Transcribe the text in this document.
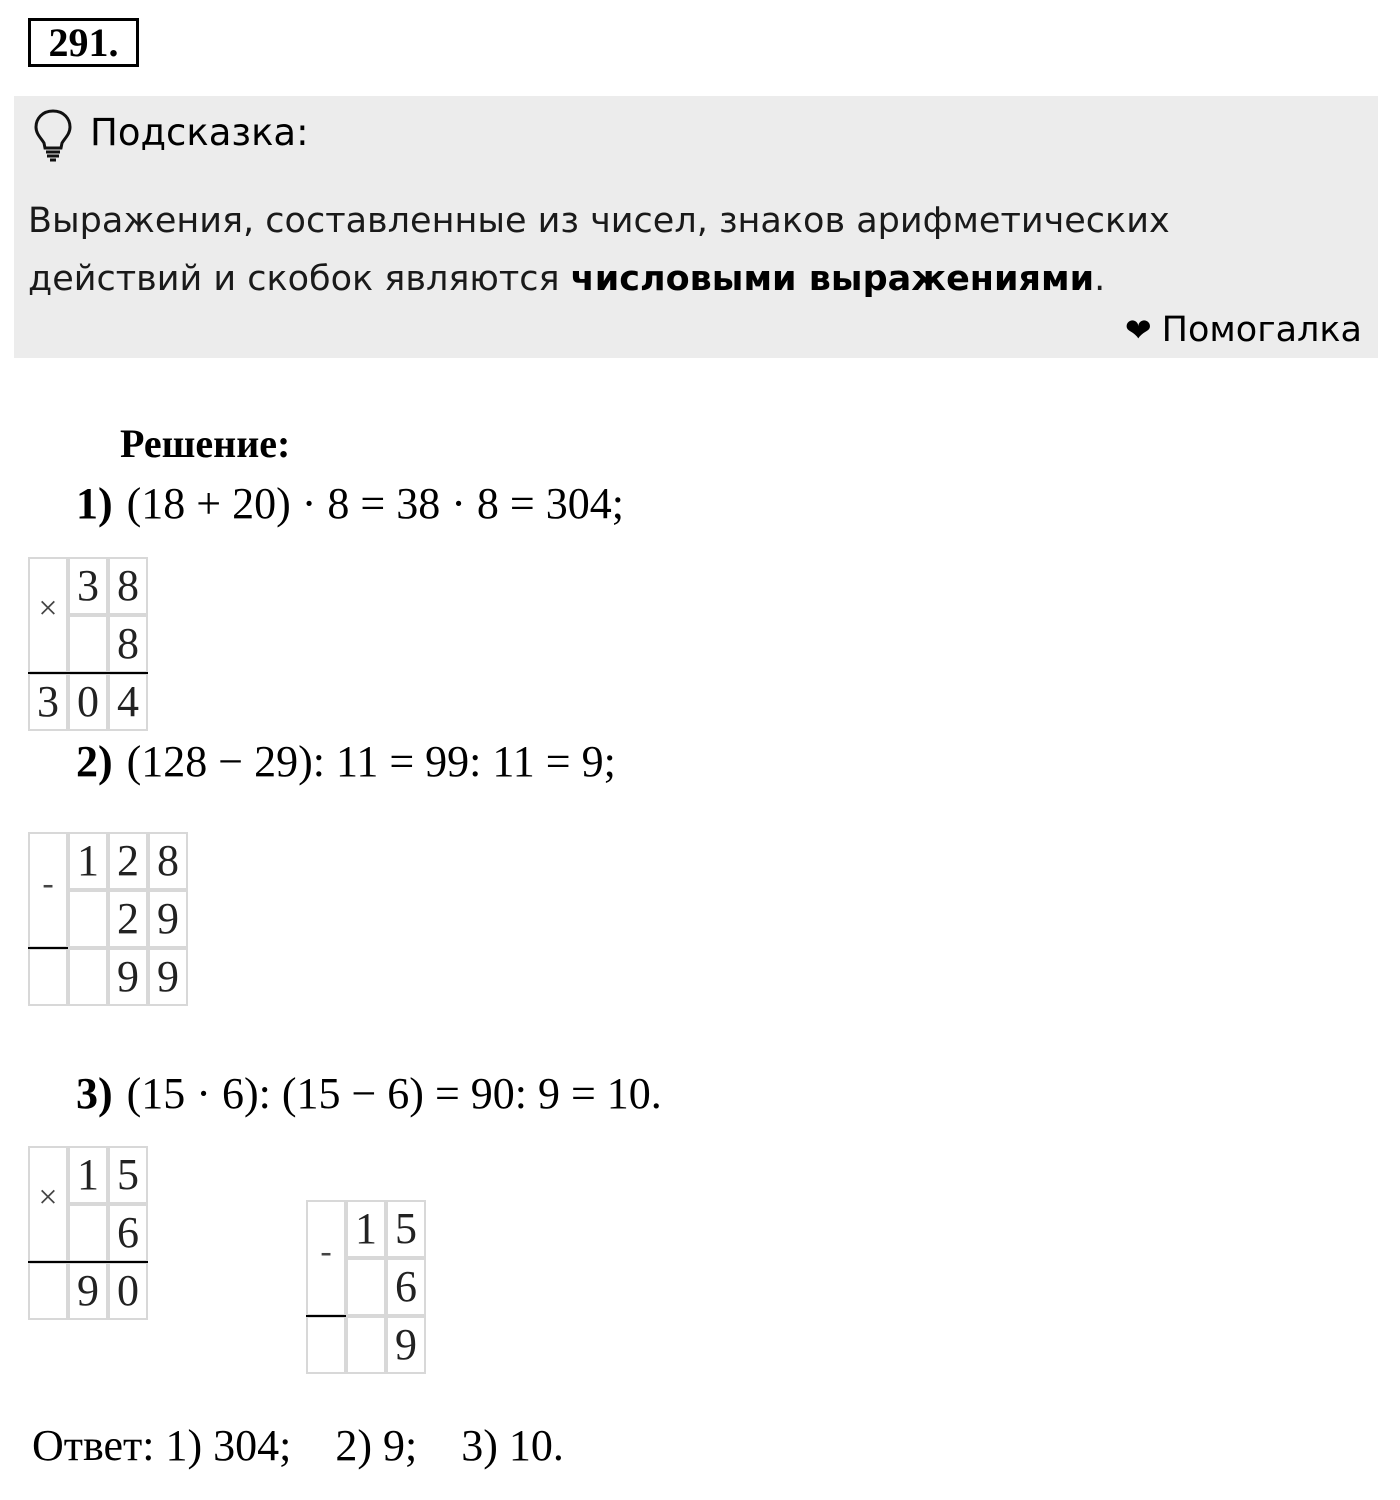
291.
Подсказка:
Выражения, составленные из чисел, знаков арифметических действий и скобок являются числовыми выражениями.
❤ Помогалка
Решение:
1) (18 + 20) · 8 = 38 · 8 = 304;
2) (128 − 29): 11 = 99: 11 = 9;
3) (15 · 6): (15 − 6) = 90: 9 = 10.
3 8
8
3 0 4
×
1 2 8
2 9
9 9
-
1 5
6
9 0
×
1 5
6
9
-
Ответ: 1) 304;    2) 9;    3) 10.
